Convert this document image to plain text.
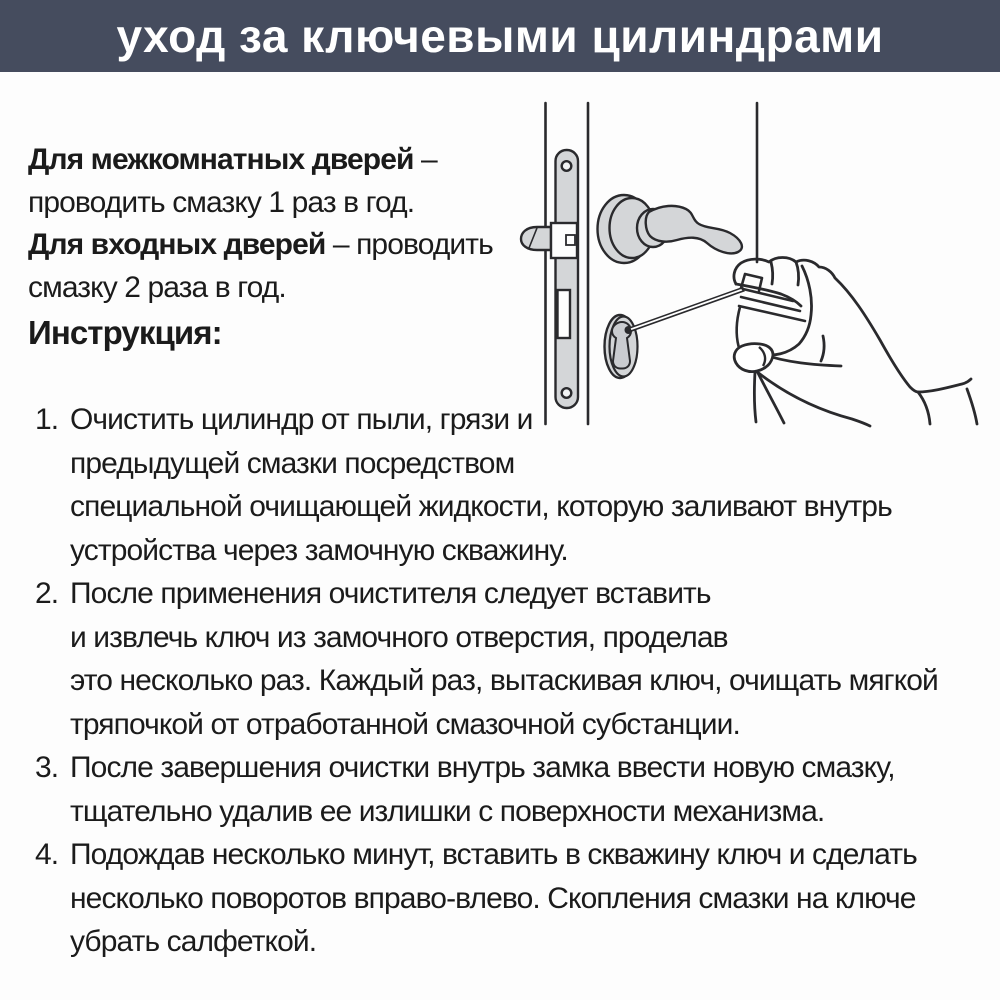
уход за ключевыми цилиндрами
Для межкомнатных дверей –
проводить смазку 1 раз в год.
Для входных дверей – проводить
смазку 2 раза в год.
Инструкция:
1. Очистить цилиндр от пыли, грязи и
предыдущей смазки посредством
специальной очищающей жидкости, которую заливают внутрь
устройства через замочную скважину.
2. После применения очистителя следует вставить
и извлечь ключ из замочного отверстия, проделав
это несколько раз. Каждый раз, вытаскивая ключ, очищать мягкой
тряпочкой от отработанной смазочной субстанции.
3. После завершения очистки внутрь замка ввести новую смазку,
тщательно удалив ее излишки с поверхности механизма.
4. Подождав несколько минут, вставить в скважину ключ и сделать
несколько поворотов вправо-влево. Скопления смазки на ключе
убрать салфеткой.
